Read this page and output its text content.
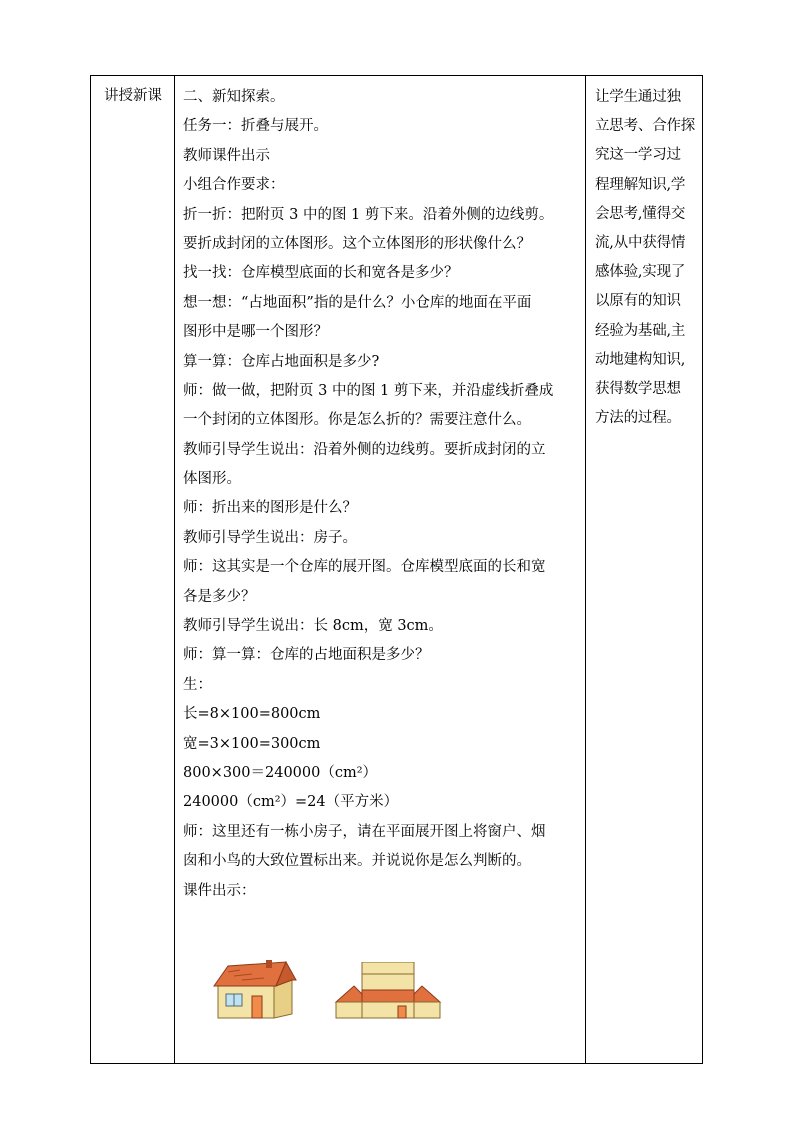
讲授新课	二、新知探索。
任务一：折叠与展开。
教师课件出示
小组合作要求：
折一折：把附页 3 中的图 1 剪下来。沿着外侧的边线剪。
要折成封闭的立体图形。这个立体图形的形状像什么？
找一找：仓库模型底面的长和宽各是多少？
想一想：“占地面积”指的是什么？小仓库的地面在平面
图形中是哪一个图形？
算一算：仓库占地面积是多少?
师：做一做，把附页 3 中的图 1 剪下来，并沿虚线折叠成
一个封闭的立体图形。你是怎么折的？需要注意什么。
教师引导学生说出：沿着外侧的边线剪。要折成封闭的立
体图形。
师：折出来的图形是什么？
教师引导学生说出：房子。
师：这其实是一个仓库的展开图。仓库模型底面的长和宽
各是多少？
教师引导学生说出：长 8cm，宽 3cm。
师：算一算：仓库的占地面积是多少？
生：
长=8×100=800cm
宽=3×100=300cm
800×300＝240000（cm²）
240000（cm²）=24（平方米）
师：这里还有一栋小房子，请在平面展开图上将窗户、烟
囱和小鸟的大致位置标出来。并说说你是怎么判断的。
课件出示：
让学生通过独
立思考、合作探
究这一学习过
程理解知识,学
会思考,懂得交
流,从中获得情
感体验,实现了
以原有的知识
经验为基础,主
动地建构知识,
获得数学思想
方法的过程。
